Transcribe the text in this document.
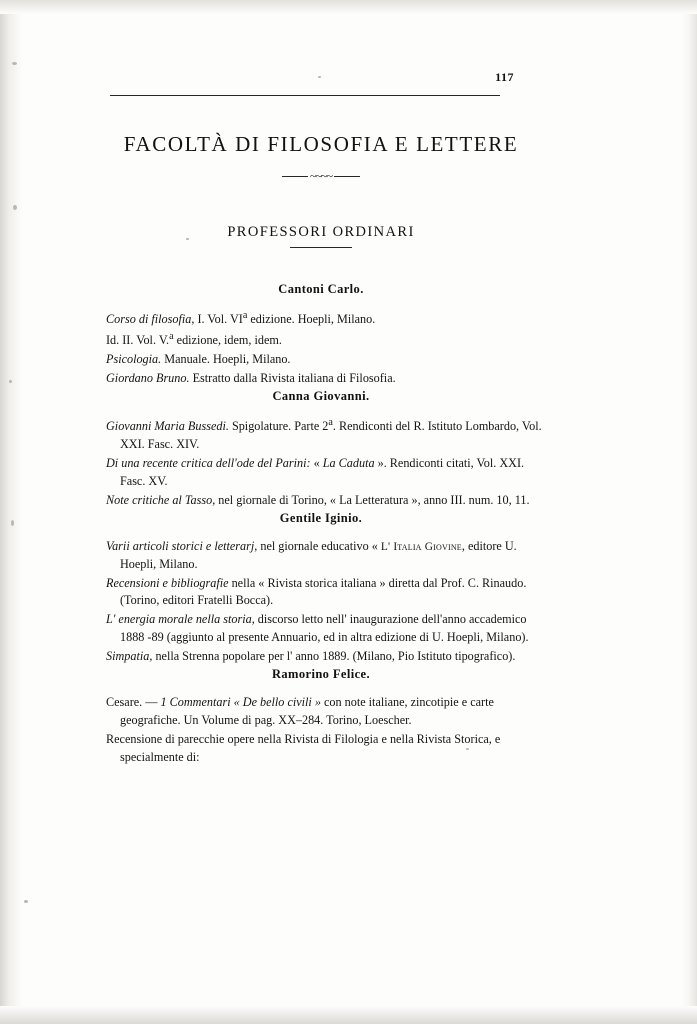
117
FACOLTÀ DI FILOSOFIA E LETTERE
~~~~
PROFESSORI ORDINARI
Cantoni Carlo.
Corso di filosofia, I. Vol. $VI^a$ edizione. Hoepli, Milano.
Id. II. Vol. V.$^a$ edizione, idem, idem.
Psicologia. Manuale. Hoepli, Milano.
Giordano Bruno. Estratto dalla Rivista italiana di Filosofia.
Canna Giovanni.
Giovanni Maria Bussedi. Spigolature. Parte 2$^a$. Rendiconti del R. Istituto Lombardo, Vol. XXI. Fasc. XIV.
Di una recente critica dell'ode del Parini: « La Caduta ». Rendiconti citati, Vol. XXI. Fasc. XV.
Note critiche al Tasso, nel giornale di Torino, « La Letteratura », anno III. num. 10, 11.
Gentile Iginio.
Varii articoli storici e letterarj, nel giornale educativo « L' Italia Giovine, editore U. Hoepli, Milano.
Recensioni e bibliografie nella « Rivista storica italiana » diretta dal Prof. C. Rinaudo. (Torino, editori Fratelli Bocca).
L' energia morale nella storia, discorso letto nell' inaugurazione dell'anno accademico 1888 -89 (aggiunto al presente Annuario, ed in altra edizione di U. Hoepli, Milano).
Simpatia, nella Strenna popolare per l' anno 1889. (Milano, Pio Istituto tipografico).
Ramorino Felice.
Cesare. — 1 Commentari « De bello civili » con note italiane, zincotipie e carte geografiche. Un Volume di pag. XX–284. Torino, Loescher.
Recensione di parecchie opere nella Rivista di Filologia e nella Rivista Storica, e specialmente di:
